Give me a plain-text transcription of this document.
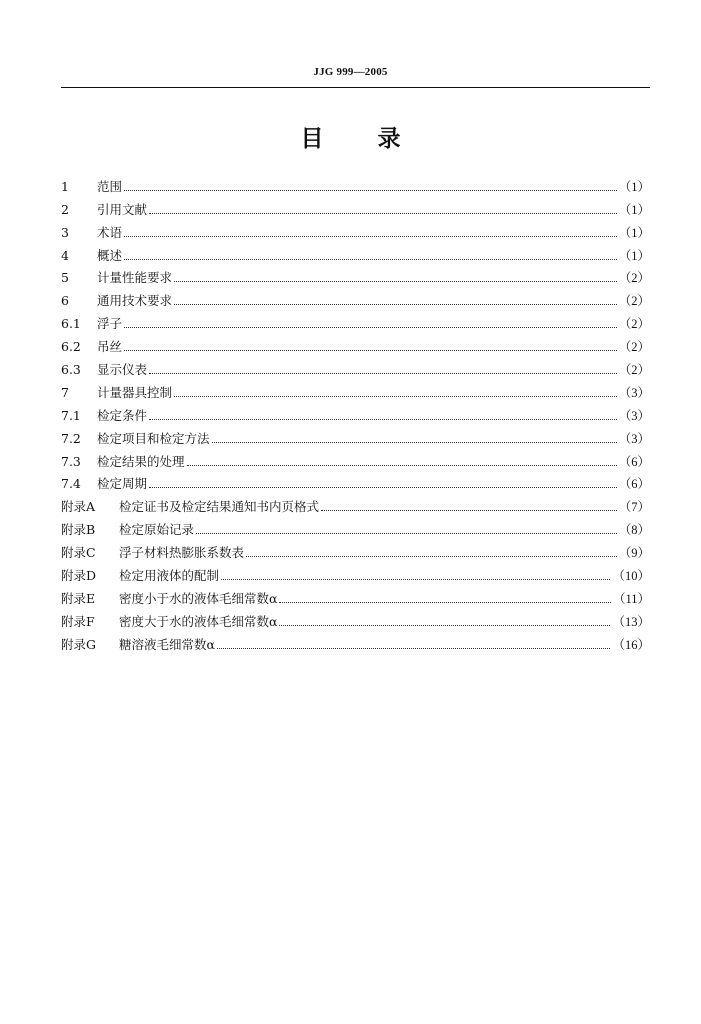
JJG 999—2005
目 录
1	范围	（1）
2	引用文献	（1）
3	术语	（1）
4	概述	（1）
5	计量性能要求	（2）
6	通用技术要求	（2）
6.1	浮子	（2）
6.2	吊丝	（2）
6.3	显示仪表	（2）
7	计量器具控制	（3）
7.1	检定条件	（3）
7.2	检定项目和检定方法	（3）
7.3	检定结果的处理	（6）
7.4	检定周期	（6）
附录A	检定证书及检定结果通知书内页格式	（7）
附录B	检定原始记录	（8）
附录C	浮子材料热膨胀系数表	（9）
附录D	检定用液体的配制	（10）
附录E	密度小于水的液体毛细常数α	（11）
附录F	密度大于水的液体毛细常数α	（13）
附录G	糖溶液毛细常数α	（16）
